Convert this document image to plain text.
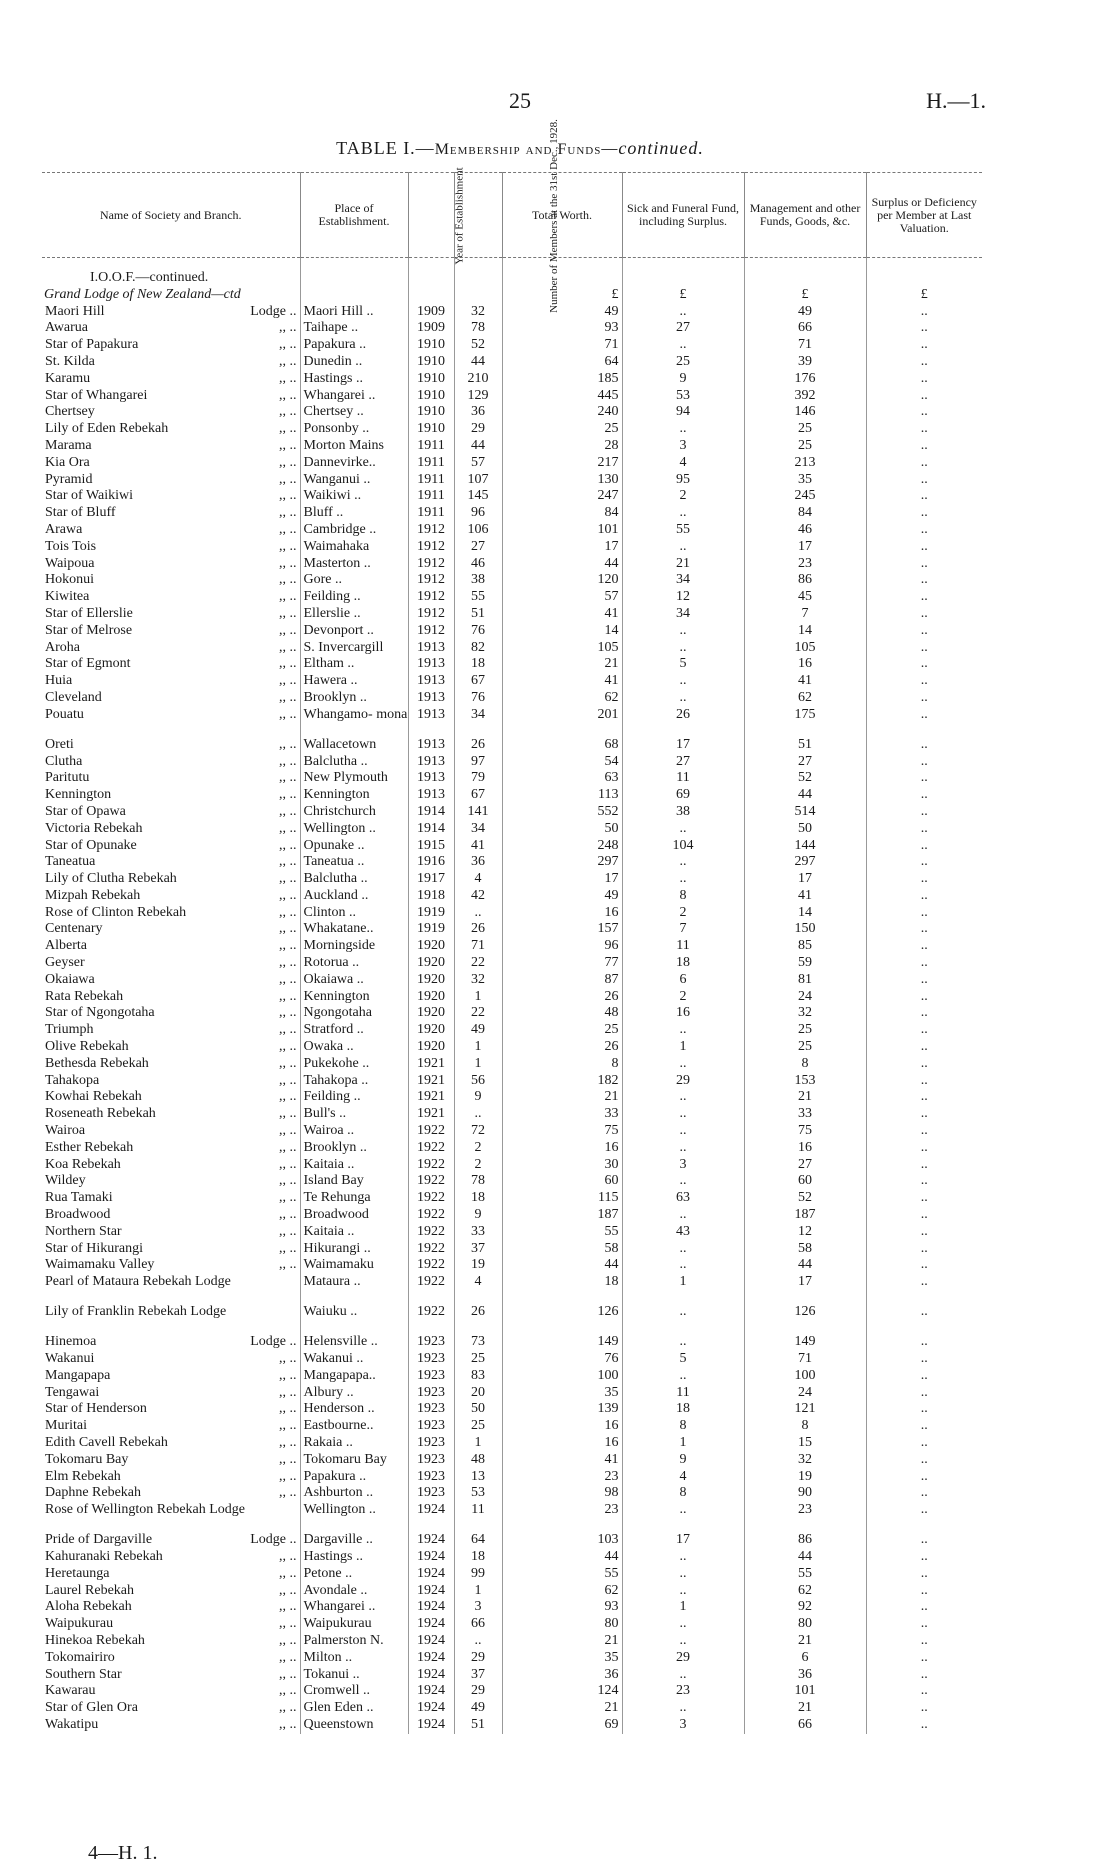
25	H.—1.
TABLE I.—Membership and Funds—continued.
Name of Society and Branch.	Place of Establishment.	Year of Establishment	Number of Members at the 31st Dec., 1928.	Total Worth.	Sick and Funeral Fund, including Surplus.	Management and other Funds, Goods, &c.	Surplus or Deficiency per Member at Last Valuation.

I.O.O.F.—continued.							
Grand Lodge of New Zealand—ctd				£	£	£	£

Maori Hill Lodge ..	Maori Hill ..	1909	32	49	..	49	..

Awarua ,, ..	Taihape ..	1909	78	93	27	66	..

Star of Papakura ,, ..	Papakura ..	1910	52	71	..	71	..

St. Kilda ,, ..	Dunedin ..	1910	44	64	25	39	..

Karamu ,, ..	Hastings ..	1910	210	185	9	176	..

Star of Whangarei ,, ..	Whangarei ..	1910	129	445	53	392	..

Chertsey ,, ..	Chertsey ..	1910	36	240	94	146	..

Lily of Eden Rebekah ,, ..	Ponsonby ..	1910	29	25	..	25	..

Marama ,, ..	Morton Mains	1911	44	28	3	25	..

Kia Ora ,, ..	Dannevirke..	1911	57	217	4	213	..

Pyramid ,, ..	Wanganui ..	1911	107	130	95	35	..

Star of Waikiwi ,, ..	Waikiwi ..	1911	145	247	2	245	..

Star of Bluff ,, ..	Bluff ..	1911	96	84	..	84	..

Arawa ,, ..	Cambridge ..	1912	106	101	55	46	..

Tois Tois ,, ..	Waimahaka	1912	27	17	..	17	..

Waipoua ,, ..	Masterton ..	1912	46	44	21	23	..

Hokonui ,, ..	Gore ..	1912	38	120	34	86	..

Kiwitea ,, ..	Feilding ..	1912	55	57	12	45	..

Star of Ellerslie ,, ..	Ellerslie ..	1912	51	41	34	7	..

Star of Melrose ,, ..	Devonport ..	1912	76	14	..	14	..

Aroha ,, ..	S. Invercargill	1913	82	105	..	105	..

Star of Egmont ,, ..	Eltham ..	1913	18	21	5	16	..

Huia ,, ..	Hawera ..	1913	67	41	..	41	..

Cleveland ,, ..	Brooklyn ..	1913	76	62	..	62	..

Pouatu ,, ..	Whangamo- mona	1913	34	201	26	175	..

Oreti ,, ..	Wallacetown	1913	26	68	17	51	..

Clutha ,, ..	Balclutha ..	1913	97	54	27	27	..

Paritutu ,, ..	New Plymouth	1913	79	63	11	52	..

Kennington ,, ..	Kennington	1913	67	113	69	44	..

Star of Opawa ,, ..	Christchurch	1914	141	552	38	514	..

Victoria Rebekah ,, ..	Wellington ..	1914	34	50	..	50	..

Star of Opunake ,, ..	Opunake ..	1915	41	248	104	144	..

Taneatua ,, ..	Taneatua ..	1916	36	297	..	297	..

Lily of Clutha Rebekah ,, ..	Balclutha ..	1917	4	17	..	17	..

Mizpah Rebekah ,, ..	Auckland ..	1918	42	49	8	41	..

Rose of Clinton Rebekah ,, ..	Clinton ..	1919	..	16	2	14	..

Centenary ,, ..	Whakatane..	1919	26	157	7	150	..

Alberta ,, ..	Morningside	1920	71	96	11	85	..

Geyser ,, ..	Rotorua ..	1920	22	77	18	59	..

Okaiawa ,, ..	Okaiawa ..	1920	32	87	6	81	..

Rata Rebekah ,, ..	Kennington	1920	1	26	2	24	..

Star of Ngongotaha ,, ..	Ngongotaha	1920	22	48	16	32	..

Triumph ,, ..	Stratford ..	1920	49	25	..	25	..

Olive Rebekah ,, ..	Owaka ..	1920	1	26	1	25	..

Bethesda Rebekah ,, ..	Pukekohe ..	1921	1	8	..	8	..

Tahakopa ,, ..	Tahakopa ..	1921	56	182	29	153	..

Kowhai Rebekah ,, ..	Feilding ..	1921	9	21	..	21	..

Roseneath Rebekah ,, ..	Bull's ..	1921	..	33	..	33	..

Wairoa ,, ..	Wairoa ..	1922	72	75	..	75	..

Esther Rebekah ,, ..	Brooklyn ..	1922	2	16	..	16	..

Koa Rebekah ,, ..	Kaitaia ..	1922	2	30	3	27	..

Wildey ,, ..	Island Bay	1922	78	60	..	60	..

Rua Tamaki ,, ..	Te Rehunga	1922	18	115	63	52	..

Broadwood ,, ..	Broadwood	1922	9	187	..	187	..

Northern Star ,, ..	Kaitaia ..	1922	33	55	43	12	..

Star of Hikurangi ,, ..	Hikurangi ..	1922	37	58	..	58	..

Waimamaku Valley ,, ..	Waimamaku	1922	19	44	..	44	..

Pearl of Mataura Rebekah Lodge	Mataura ..	1922	4	18	1	17	..

Lily of Franklin Rebekah Lodge	Waiuku ..	1922	26	126	..	126	..

Hinemoa Lodge ..	Helensville ..	1923	73	149	..	149	..

Wakanui ,, ..	Wakanui ..	1923	25	76	5	71	..

Mangapapa ,, ..	Mangapapa..	1923	83	100	..	100	..

Tengawai ,, ..	Albury ..	1923	20	35	11	24	..

Star of Henderson ,, ..	Henderson ..	1923	50	139	18	121	..

Muritai ,, ..	Eastbourne..	1923	25	16	8	8	..

Edith Cavell Rebekah ,, ..	Rakaia ..	1923	1	16	1	15	..

Tokomaru Bay ,, ..	Tokomaru Bay	1923	48	41	9	32	..

Elm Rebekah ,, ..	Papakura ..	1923	13	23	4	19	..

Daphne Rebekah ,, ..	Ashburton ..	1923	53	98	8	90	..

Rose of Wellington Rebekah Lodge	Wellington ..	1924	11	23	..	23	..

Pride of Dargaville Lodge ..	Dargaville ..	1924	64	103	17	86	..

Kahuranaki Rebekah ,, ..	Hastings ..	1924	18	44	..	44	..

Heretaunga ,, ..	Petone ..	1924	99	55	..	55	..

Laurel Rebekah ,, ..	Avondale ..	1924	1	62	..	62	..

Aloha Rebekah ,, ..	Whangarei ..	1924	3	93	1	92	..

Waipukurau ,, ..	Waipukurau	1924	66	80	..	80	..

Hinekoa Rebekah ,, ..	Palmerston N.	1924	..	21	..	21	..

Tokomairiro ,, ..	Milton ..	1924	29	35	29	6	..

Southern Star ,, ..	Tokanui ..	1924	37	36	..	36	..

Kawarau ,, ..	Cromwell ..	1924	29	124	23	101	..

Star of Glen Ora ,, ..	Glen Eden ..	1924	49	21	..	21	..

Wakatipu ,, ..	Queenstown	1924	51	69	3	66	..
4—H. 1.
